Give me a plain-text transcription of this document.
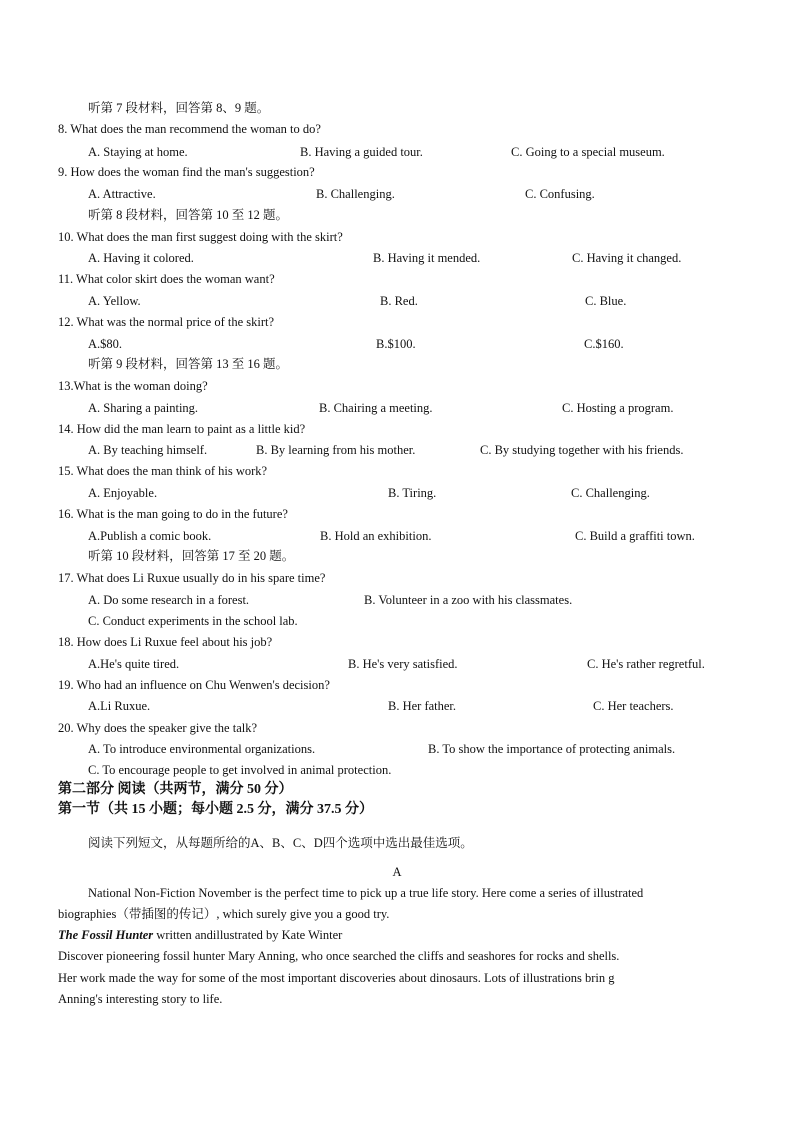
听第 7 段材料，回答第 8、9 题。
8. What does the man recommend the woman to do?
A. Staying at home.	B. Having a guided tour.	C. Going to a special museum.
9. How does the woman find the man's suggestion?
A. Attractive.	B. Challenging.	C. Confusing.
听第 8 段材料，回答第 10 至 12 题。
10. What does the man first suggest doing with the skirt?
A. Having it colored.	B. Having it mended.	C. Having it changed.
11. What color skirt does the woman want?
A. Yellow.	B. Red.	C. Blue.
12. What was the normal price of the skirt?
A.$80.	B.$100.	C.$160.
听第 9 段材料，回答第 13 至 16 题。
13.What is the woman doing?
A. Sharing a painting.	B. Chairing a meeting.	C. Hosting a program.
14. How did the man learn to paint as a little kid?
A. By teaching himself.	B. By learning from his mother.	C. By studying together with his friends.
15. What does the man think of his work?
A. Enjoyable.	B. Tiring.	C. Challenging.
16. What is the man going to do in the future?
A.Publish a comic book.	B. Hold an exhibition.	C. Build a graffiti town.
听第 10 段材料，回答第 17 至 20 题。
17. What does Li Ruxue usually do in his spare time?
A. Do some research in a forest.	B. Volunteer in a zoo with his classmates.
C. Conduct experiments in the school lab.
18. How does Li Ruxue feel about his job?
A.He's quite tired.	B. He's very satisfied.	C. He's rather regretful.
19. Who had an influence on Chu Wenwen's decision?
A.Li Ruxue.	B. Her father.	C. Her teachers.
20. Why does the speaker give the talk?
A. To introduce environmental organizations.	B. To show the importance of protecting animals.
C. To encourage people to get involved in animal protection.
第二部分 阅读（共两节，满分 50 分）
第一节（共 15 小题；每小题 2.5 分，满分 37.5 分）
阅读下列短文，从每题所给的A、B、C、D四个选项中选出最佳选项。
A
National Non-Fiction November is the perfect time to pick up a true life story. Here come a series of illustrated
biographies（带插图的传记）, which surely give you a good try.
The Fossil Hunter written andillustrated by Kate Winter
Discover pioneering fossil hunter Mary Anning, who once searched the cliffs and seashores for rocks and shells.
Her work made the way for some of the most important discoveries about dinosaurs. Lots of illustrations brin g
Anning's interesting story to life.
